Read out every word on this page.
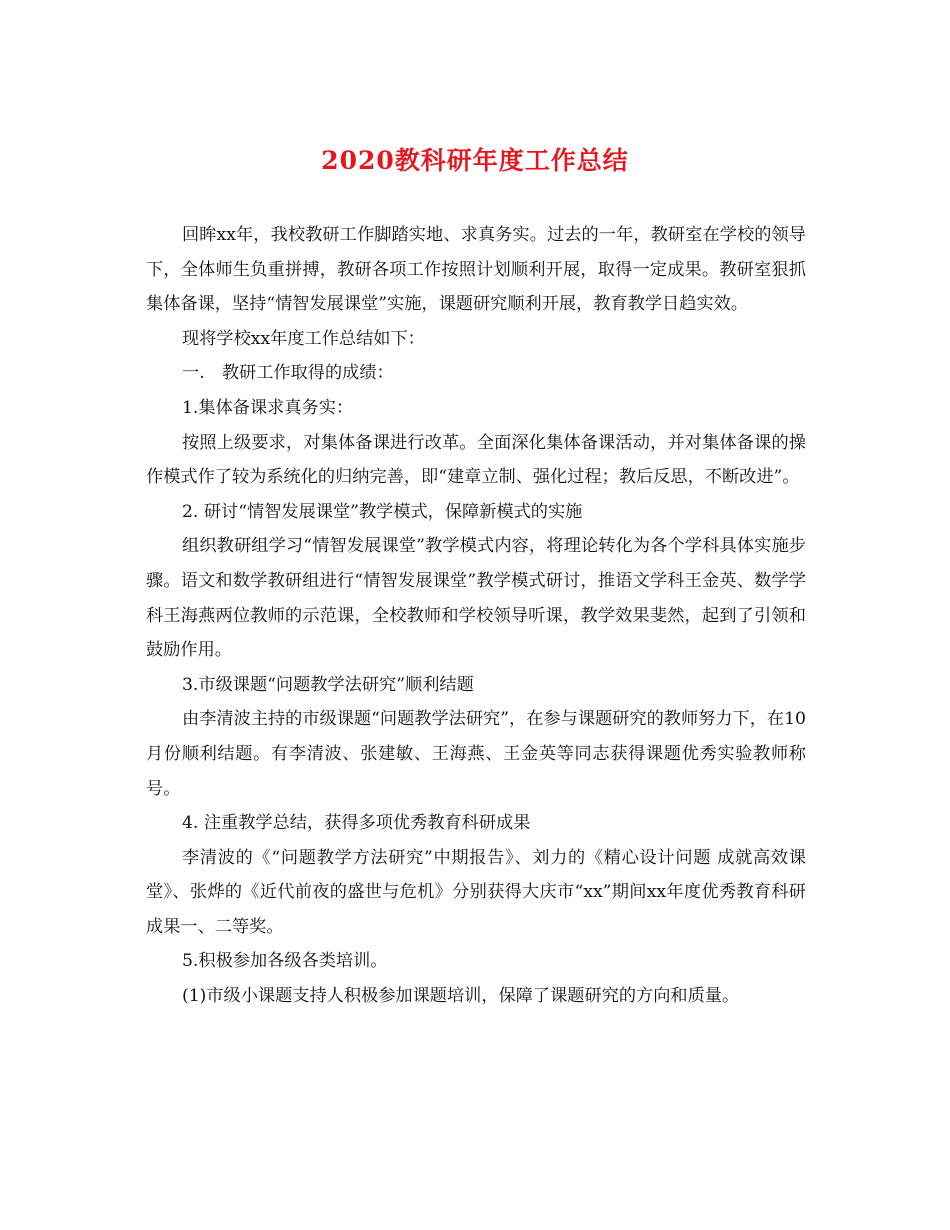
2020教科研年度工作总结

回眸xx年，我校教研工作脚踏实地、求真务实。过去的一年，教研室在学校的领导下，全体师生负重拼搏，教研各项工作按照计划顺利开展，取得一定成果。教研室狠抓集体备课，坚持“情智发展课堂”实施，课题研究顺利开展，教育教学日趋实效。

现将学校xx年度工作总结如下：

一.　教研工作取得的成绩：

1.集体备课求真务实：

按照上级要求，对集体备课进行改革。全面深化集体备课活动，并对集体备课的操作模式作了较为系统化的归纳完善，即“建章立制、强化过程；教后反思，不断改进”。

2. 研讨“情智发展课堂”教学模式，保障新模式的实施

组织教研组学习“情智发展课堂”教学模式内容，将理论转化为各个学科具体实施步骤。语文和数学教研组进行“情智发展课堂”教学模式研讨，推语文学科王金英、数学学科王海燕两位教师的示范课，全校教师和学校领导听课，教学效果斐然，起到了引领和鼓励作用。

3.市级课题“问题教学法研究”顺利结题

由李清波主持的市级课题“问题教学法研究”，在参与课题研究的教师努力下，在10月份顺利结题。有李清波、张建敏、王海燕、王金英等同志获得课题优秀实验教师称号。

4. 注重教学总结，获得多项优秀教育科研成果

李清波的《“问题教学方法研究”中期报告》、刘力的《精心设计问题 成就高效课堂》、张烨的《近代前夜的盛世与危机》分别获得大庆市“xx”期间xx年度优秀教育科研成果一、二等奖。

5.积极参加各级各类培训。

(1)市级小课题支持人积极参加课题培训，保障了课题研究的方向和质量。
